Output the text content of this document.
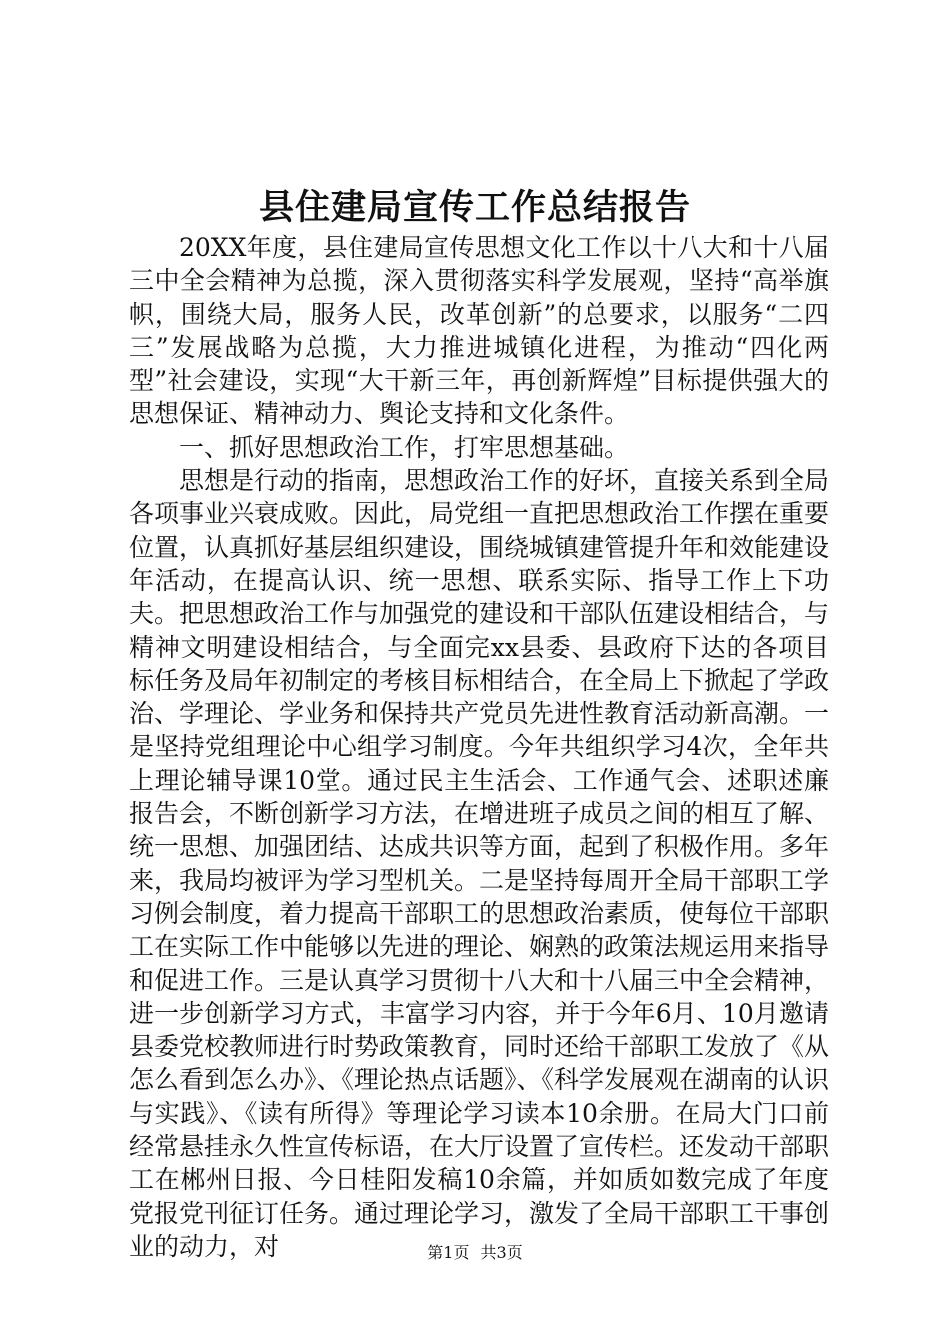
县住建局宣传工作总结报告

20XX年度，县住建局宣传思想文化工作以十八大和十八届三中全会精神为总揽，深入贯彻落实科学发展观，坚持“高举旗帜，围绕大局，服务人民，改革创新”的总要求，以服务“二四三”发展战略为总揽，大力推进城镇化进程，为推动“四化两型”社会建设，实现“大干新三年，再创新辉煌”目标提供强大的思想保证、精神动力、舆论支持和文化条件。

一、抓好思想政治工作，打牢思想基础。

思想是行动的指南，思想政治工作的好坏，直接关系到全局各项事业兴衰成败。因此，局党组一直把思想政治工作摆在重要位置，认真抓好基层组织建设，围绕城镇建管提升年和效能建设年活动，在提高认识、统一思想、联系实际、指导工作上下功夫。把思想政治工作与加强党的建设和干部队伍建设相结合，与精神文明建设相结合，与全面完xx县委、县政府下达的各项目标任务及局年初制定的考核目标相结合，在全局上下掀起了学政治、学理论、学业务和保持共产党员先进性教育活动新高潮。一是坚持党组理论中心组学习制度。今年共组织学习4次，全年共上理论辅导课10堂。通过民主生活会、工作通气会、述职述廉报告会，不断创新学习方法，在增进班子成员之间的相互了解、统一思想、加强团结、达成共识等方面，起到了积极作用。多年来，我局均被评为学习型机关。二是坚持每周开全局干部职工学习例会制度，着力提高干部职工的思想政治素质，使每位干部职工在实际工作中能够以先进的理论、娴熟的政策法规运用来指导和促进工作。三是认真学习贯彻十八大和十八届三中全会精神，进一步创新学习方式，丰富学习内容，并于今年6月、10月邀请县委党校教师进行时势政策教育，同时还给干部职工发放了《从怎么看到怎么办》、《理论热点话题》、《科学发展观在湖南的认识与实践》、《读有所得》等理论学习读本10余册。在局大门口前经常悬挂永久性宣传标语，在大厅设置了宣传栏。还发动干部职工在郴州日报、今日桂阳发稿10余篇，并如质如数完成了年度党报党刊征订任务。通过理论学习，激发了全局干部职工干事创业的动力，对	第1页 共3页
